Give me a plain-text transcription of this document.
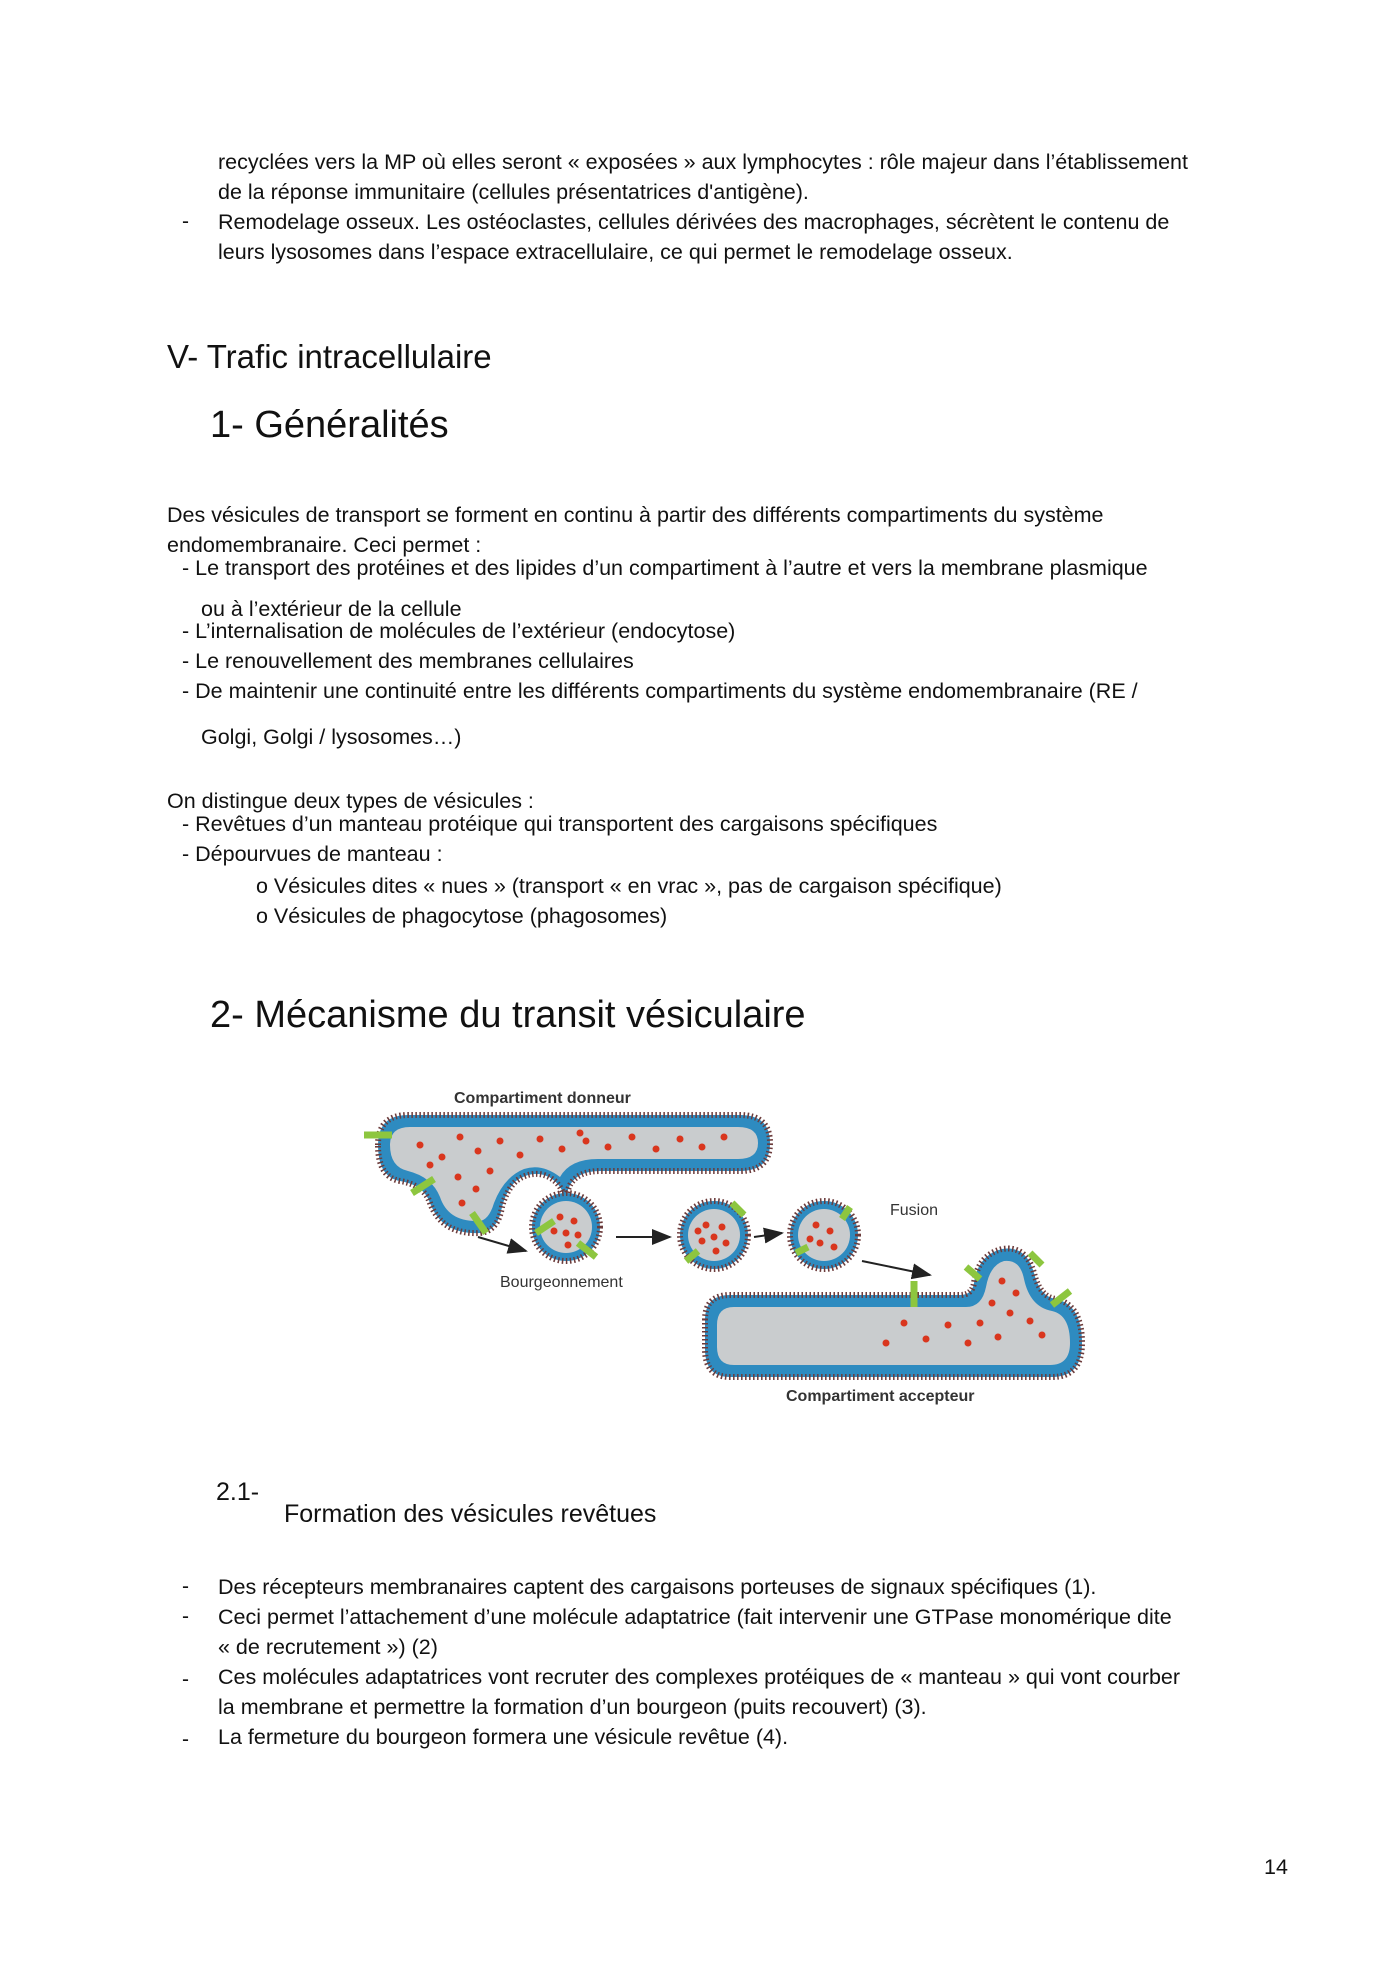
recyclées vers la MP où elles seront « exposées » aux lymphocytes : rôle majeur dans l’établissement
de la réponse immunitaire (cellules présentatrices d'antigène).
- Remodelage osseux. Les ostéoclastes, cellules dérivées des macrophages, sécrètent le contenu de
leurs lysosomes dans l’espace extracellulaire, ce qui permet le remodelage osseux.
V- Trafic intracellulaire
1- Généralités
Des vésicules de transport se forment en continu à partir des différents compartiments du système
endomembranaire. Ceci permet :
- Le transport des protéines et des lipides d’un compartiment à l’autre et vers la membrane plasmique
ou à l’extérieur de la cellule
- L’internalisation de molécules de l’extérieur (endocytose)
- Le renouvellement des membranes cellulaires
- De maintenir une continuité entre les différents compartiments du système endomembranaire (RE /
Golgi, Golgi / lysosomes…)
On distingue deux types de vésicules :
- Revêtues d’un manteau protéique qui transportent des cargaisons spécifiques
- Dépourvues de manteau :
o Vésicules dites « nues » (transport « en vrac », pas de cargaison spécifique)
o Vésicules de phagocytose (phagosomes)
2- Mécanisme du transit vésiculaire
Compartiment donneur
Bourgeonnement
Fusion
Compartiment accepteur
2.1-
Formation des vésicules revêtues
- Des récepteurs membranaires captent des cargaisons porteuses de signaux spécifiques (1).
- Ceci permet l’attachement d’une molécule adaptatrice (fait intervenir une GTPase monomérique dite
« de recrutement ») (2)
- Ces molécules adaptatrices vont recruter des complexes protéiques de « manteau » qui vont courber
la membrane et permettre la formation d’un bourgeon (puits recouvert) (3).
- La fermeture du bourgeon formera une vésicule revêtue (4).
14
